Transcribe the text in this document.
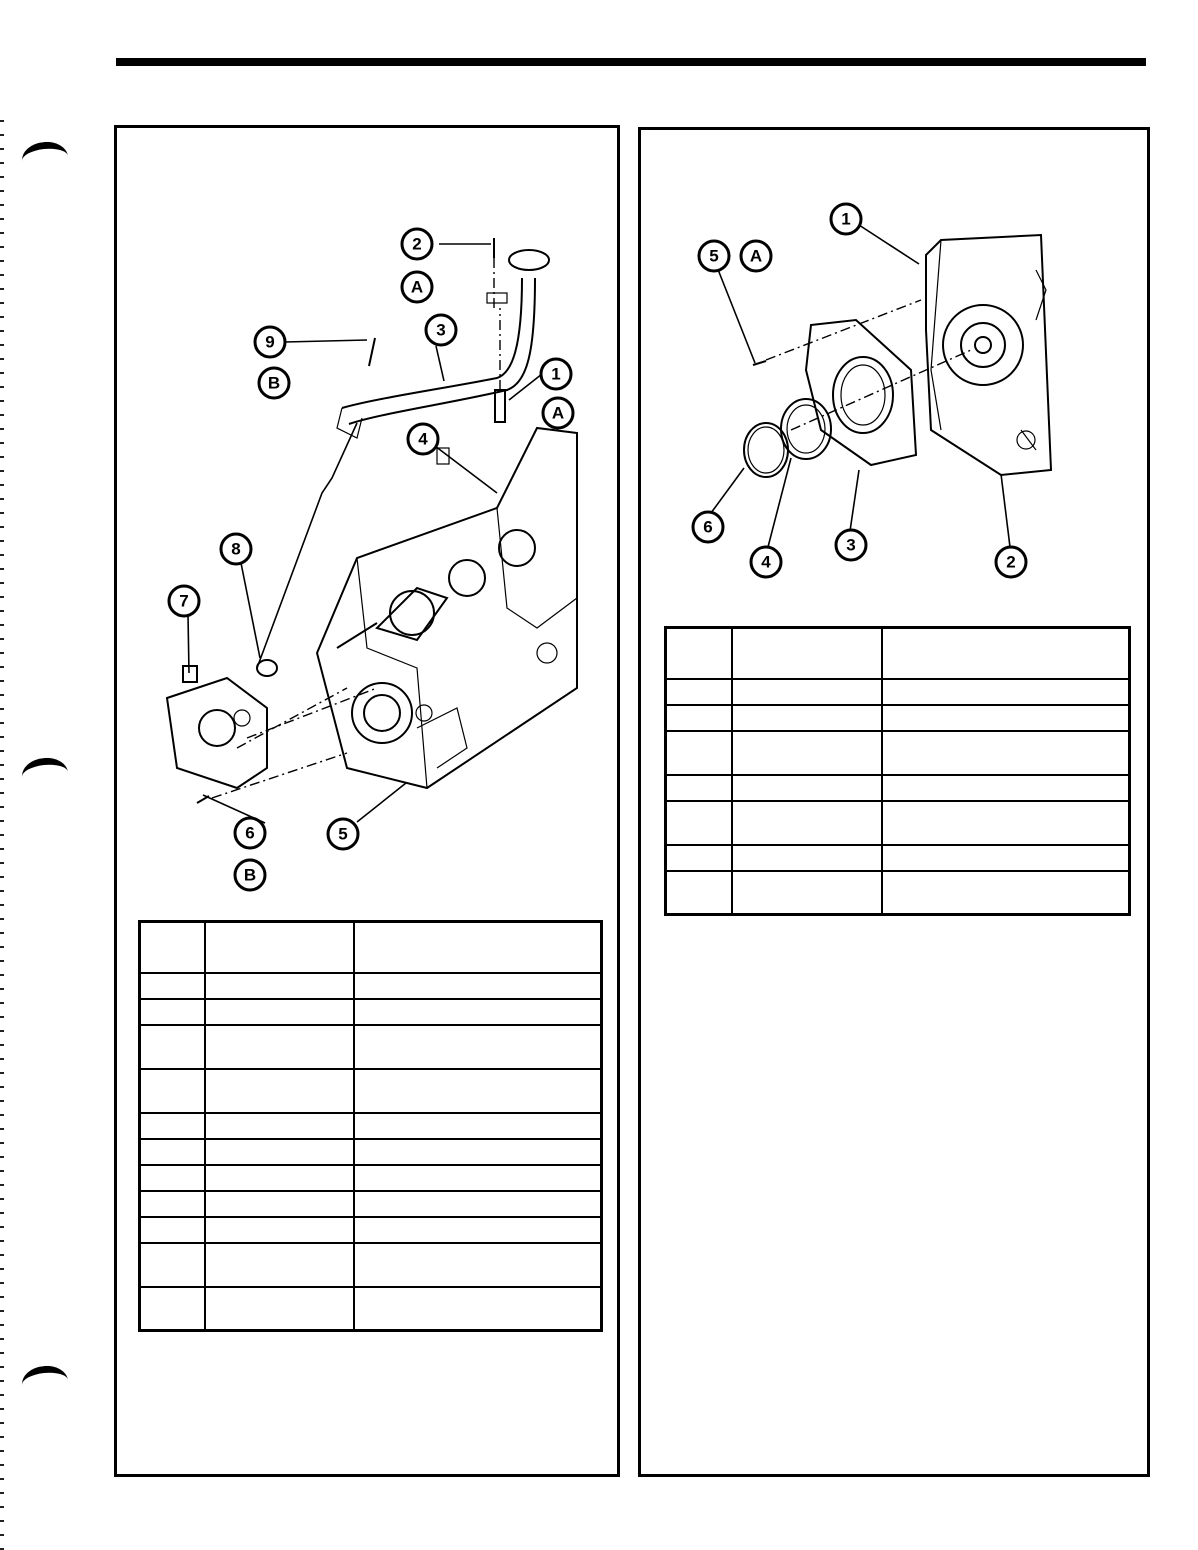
2
A
9
B
3
1
A
4
8
7
6
B
5

1
5 A
6
4
3
2
